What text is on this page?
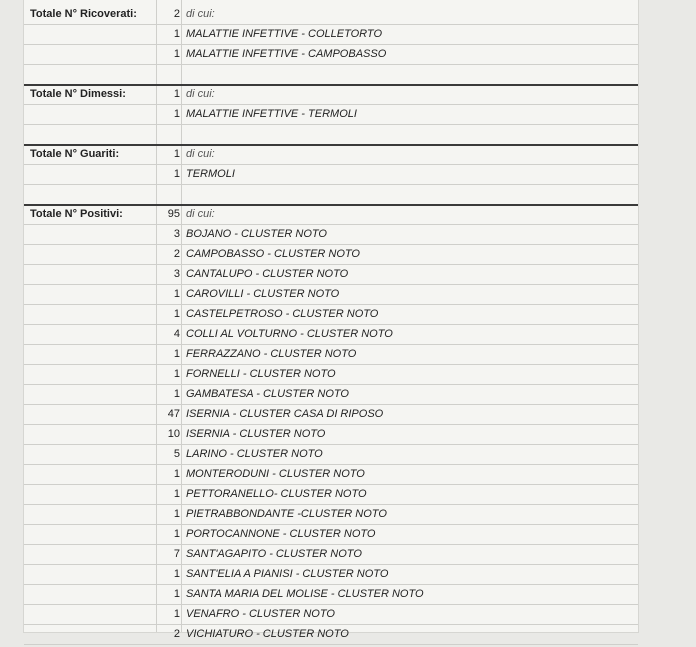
Totale N° Ricoverati:	2 di cui:
1 MALATTIE INFETTIVE - COLLETORTO
1 MALATTIE INFETTIVE - CAMPOBASSO
Totale N° Dimessi:	1 di cui:
1 MALATTIE INFETTIVE - TERMOLI
Totale N° Guariti:	1 di cui:
1 TERMOLI
Totale N° Positivi:	95 di cui:
3 BOJANO - CLUSTER NOTO
2 CAMPOBASSO - CLUSTER NOTO
3 CANTALUPO - CLUSTER NOTO
1 CAROVILLI - CLUSTER NOTO
1 CASTELPETROSO - CLUSTER NOTO
4 COLLI AL VOLTURNO - CLUSTER NOTO
1 FERRAZZANO - CLUSTER NOTO
1 FORNELLI - CLUSTER NOTO
1 GAMBATESA - CLUSTER NOTO
47 ISERNIA - CLUSTER CASA DI RIPOSO
10 ISERNIA - CLUSTER NOTO
5 LARINO - CLUSTER NOTO
1 MONTERODUNI - CLUSTER NOTO
1 PETTORANELLO- CLUSTER NOTO
1 PIETRABBONDANTE -CLUSTER NOTO
1 PORTOCANNONE - CLUSTER NOTO
7 SANT'AGAPITO - CLUSTER NOTO
1 SANT'ELIA A PIANISI - CLUSTER NOTO
1 SANTA MARIA DEL MOLISE - CLUSTER NOTO
1 VENAFRO - CLUSTER NOTO
2 VICHIATURO - CLUSTER NOTO
